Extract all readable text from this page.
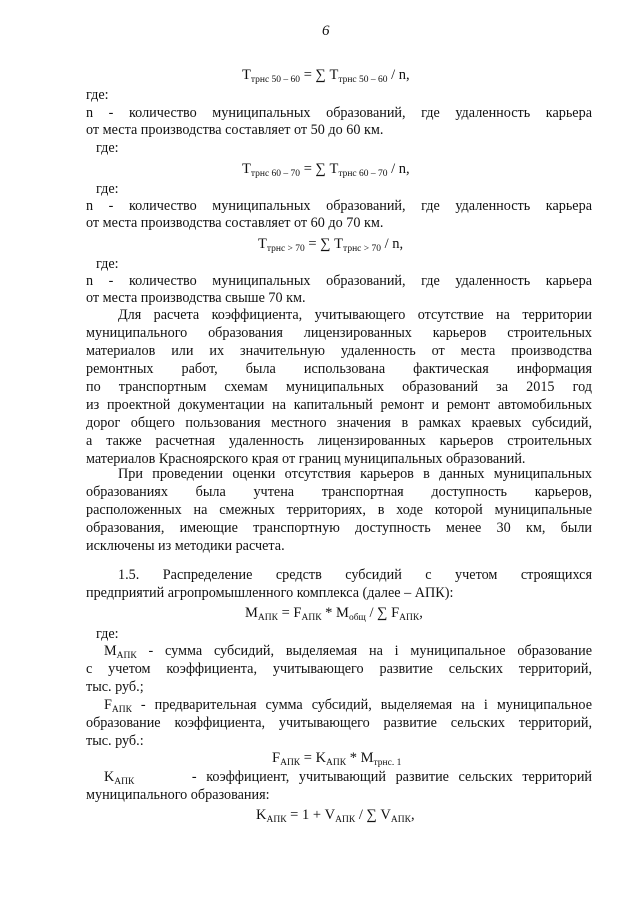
6
$T_{трнс 50 - 60}$ = ∑ $T_{трнс 50 - 60}$ / n,
где:
n - количество муниципальных образований, где удаленность карьера
от места производства составляет от 50 до 60 км.
где:
$T_{трнс 60 - 70}$ = ∑ $T_{трнс 60 - 70}$ / n,
где:
n - количество муниципальных образований, где удаленность карьера
от места производства составляет от 60 до 70 км.
$T_{трнс > 70}$ = ∑ $T_{трнс > 70}$ / n,
где:
n - количество муниципальных образований, где удаленность карьера
от места производства свыше 70 км.
Для расчета коэффициента, учитывающего отсутствие на территории
муниципального образования лицензированных карьеров строительных
материалов или их значительную удаленность от места производства
ремонтных работ, была использована фактическая информация
по транспортным схемам муниципальных образований за 2015 год
из проектной документации на капитальный ремонт и ремонт автомобильных
дорог общего пользования местного значения в рамках краевых субсидий,
а также расчетная удаленность лицензированных карьеров строительных
материалов Красноярского края от границ муниципальных образований.
При проведении оценки отсутствия карьеров в данных муниципальных
образованиях была учтена транспортная доступность карьеров,
расположенных на смежных территориях, в ходе которой муниципальные
образования, имеющие транспортную доступность менее 30 км, были
исключены из методики расчета.
1.5. Распределение средств субсидий с учетом строящихся
предприятий агропромышленного комплекса (далее – АПК):
$M_{АПК} = F_{АПК} * M_{общ}$ / ∑ $F_{АПК}$,
где:
$M_{АПК}$ - сумма субсидий, выделяемая на i муниципальное образование
с учетом коэффициента, учитывающего развитие сельских территорий,
тыс. руб.;
$F_{АПК}$ - предварительная сумма субсидий, выделяемая на i муниципальное
образование коэффициента, учитывающего развитие сельских территорий,
тыс. руб.:
$F_{АПК} = K_{АПК} * M_{трнс. 1}$
$K_{АПК}$	- коэффициент, учитывающий развитие сельских территорий
муниципального образования:
$K_{АПК} = 1 + V_{АПК}$ / ∑ $V_{АПК}$,
